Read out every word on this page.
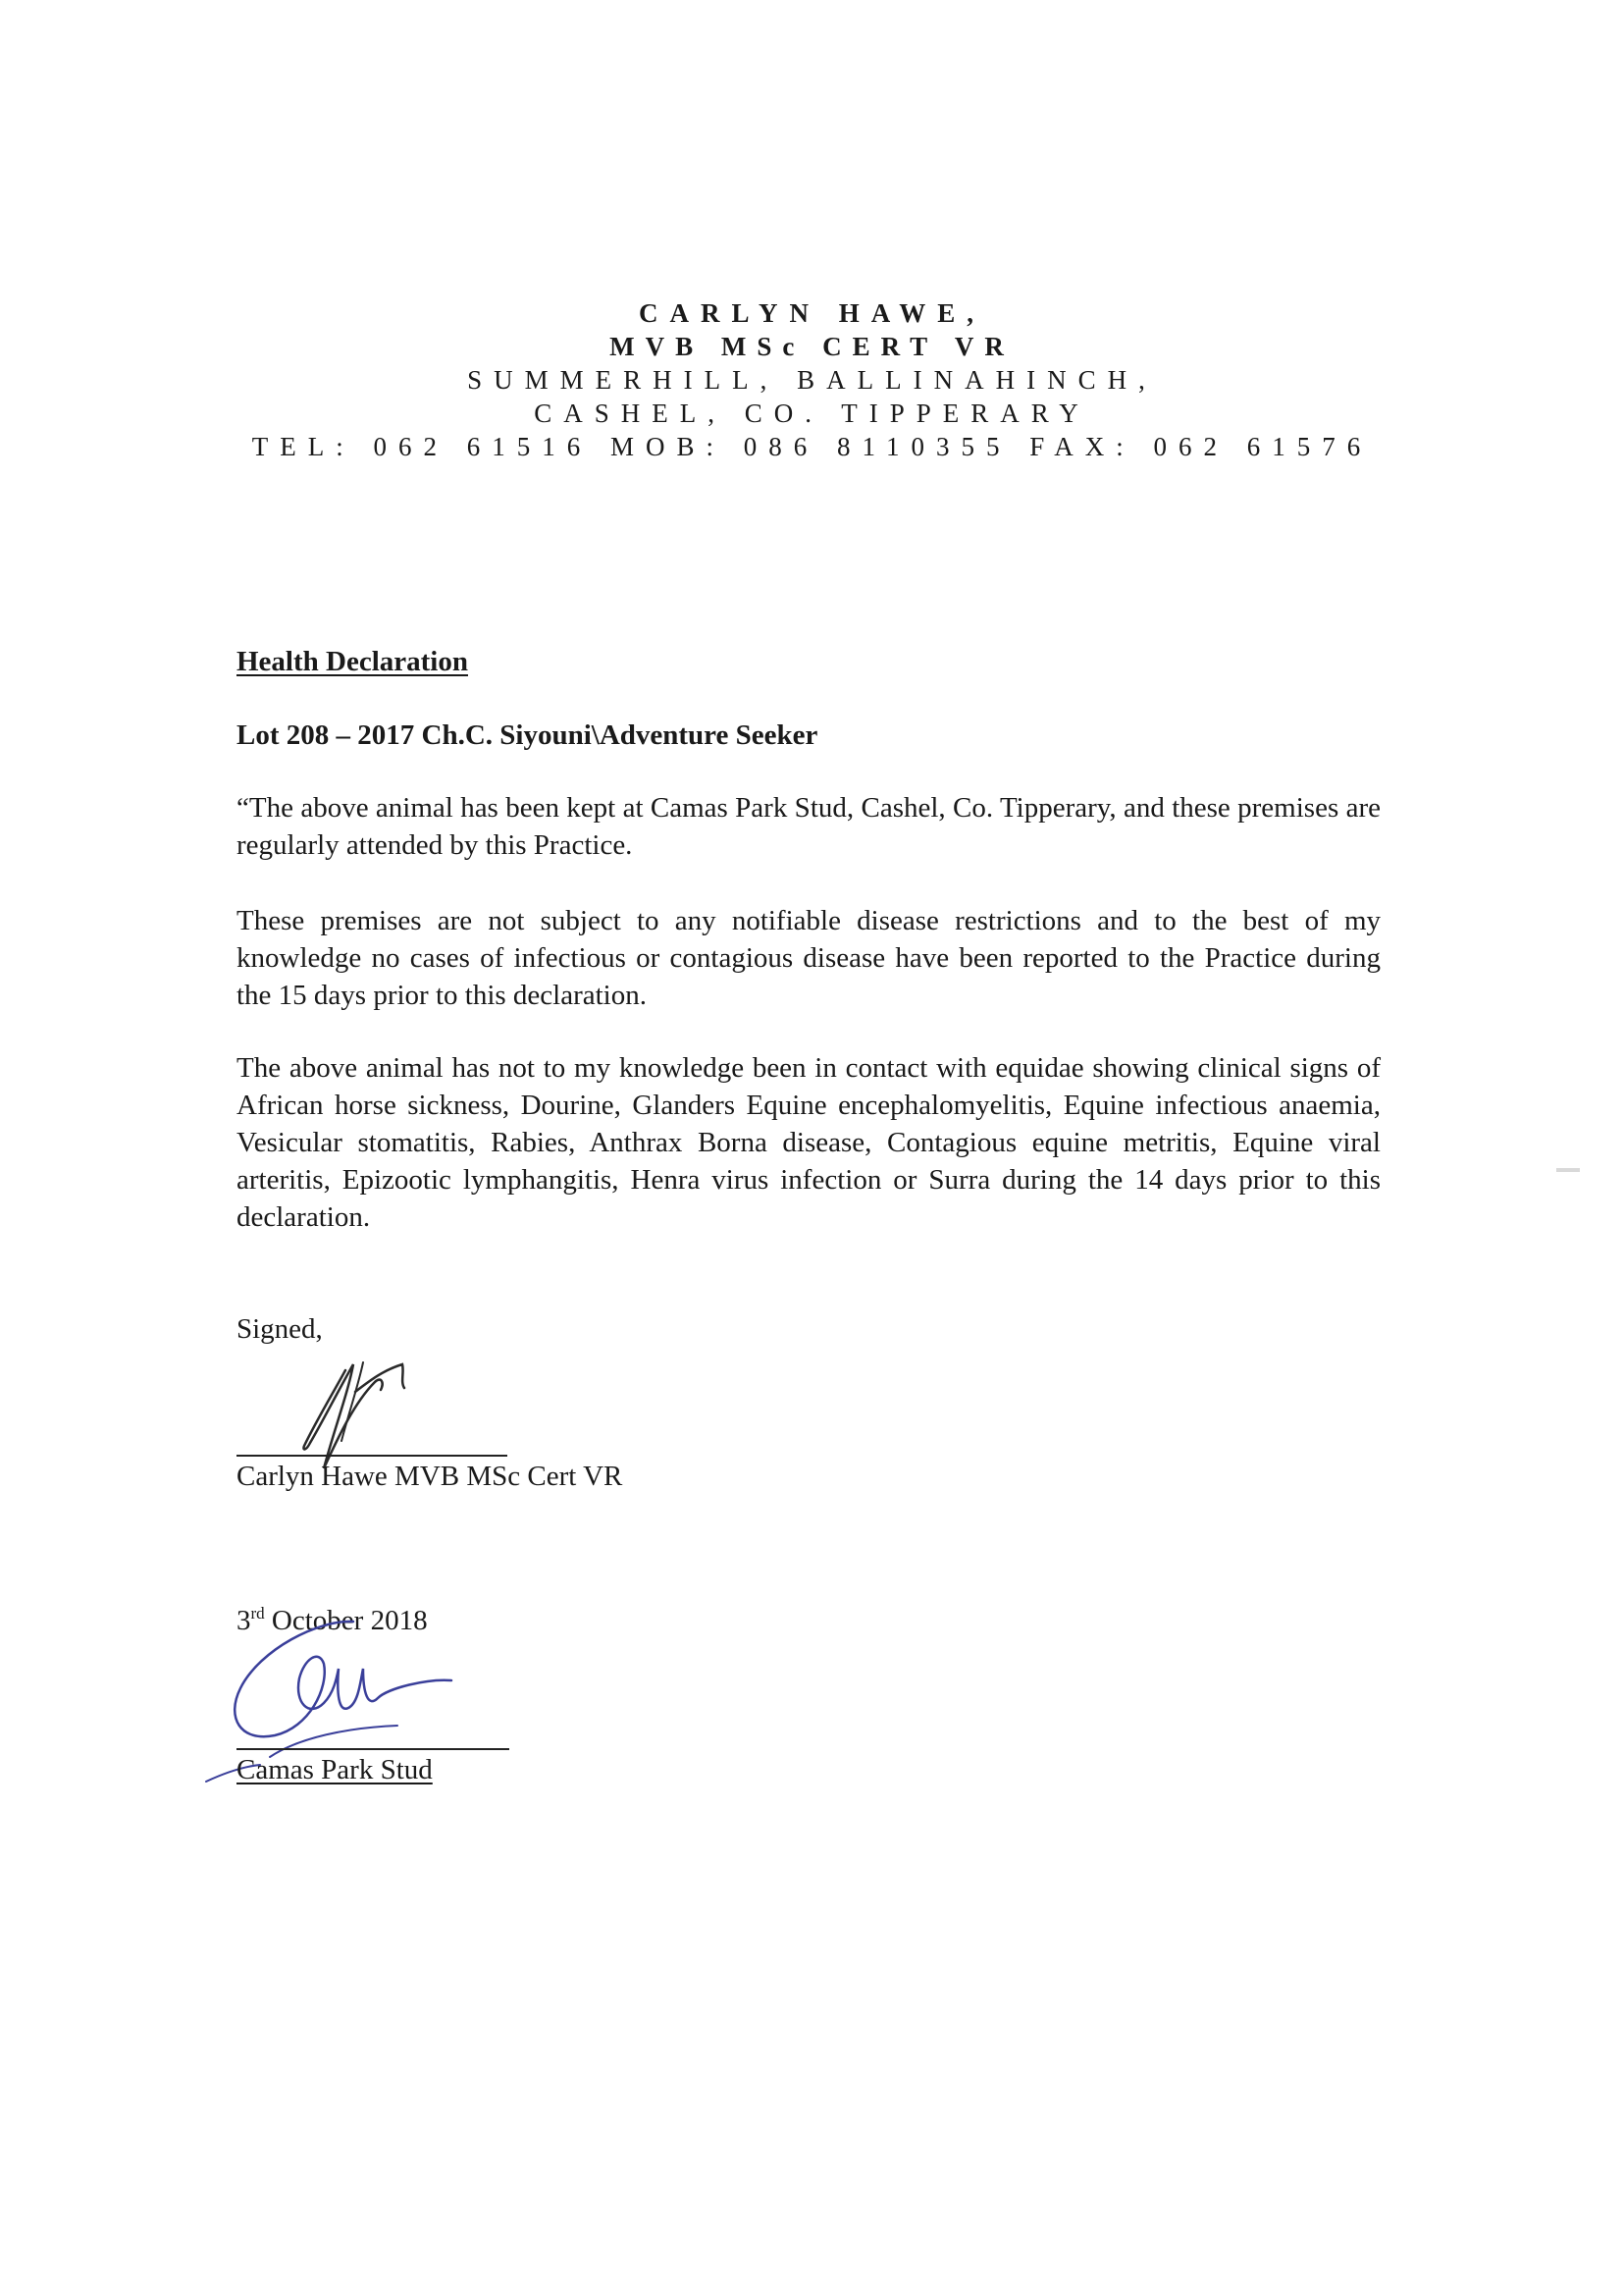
CARLYN HAWE,
MVB MSc CERT VR
SUMMERHILL, BALLINAHINCH,
CASHEL, CO. TIPPERARY
TEL: 062 61516 MOB: 086 8110355 FAX: 062 61576
Health Declaration
Lot 208 – 2017 Ch.C. Siyouni\Adventure Seeker
“The above animal has been kept at Camas Park Stud, Cashel, Co. Tipperary, and these premises are regularly attended by this Practice.
These premises are not subject to any notifiable disease restrictions and to the best of my knowledge no cases of infectious or contagious disease have been reported to the Practice during the 15 days prior to this declaration.
The above animal has not to my knowledge been in contact with equidae showing clinical signs of African horse sickness, Dourine, Glanders Equine encephalomyelitis, Equine infectious anaemia, Vesicular stomatitis, Rabies, Anthrax Borna disease, Contagious equine metritis, Equine viral arteritis, Epizootic lymphangitis, Henra virus infection or Surra during the 14 days prior to this declaration.
Signed,
Carlyn Hawe MVB MSc Cert VR
3rd October 2018
Camas Park Stud
